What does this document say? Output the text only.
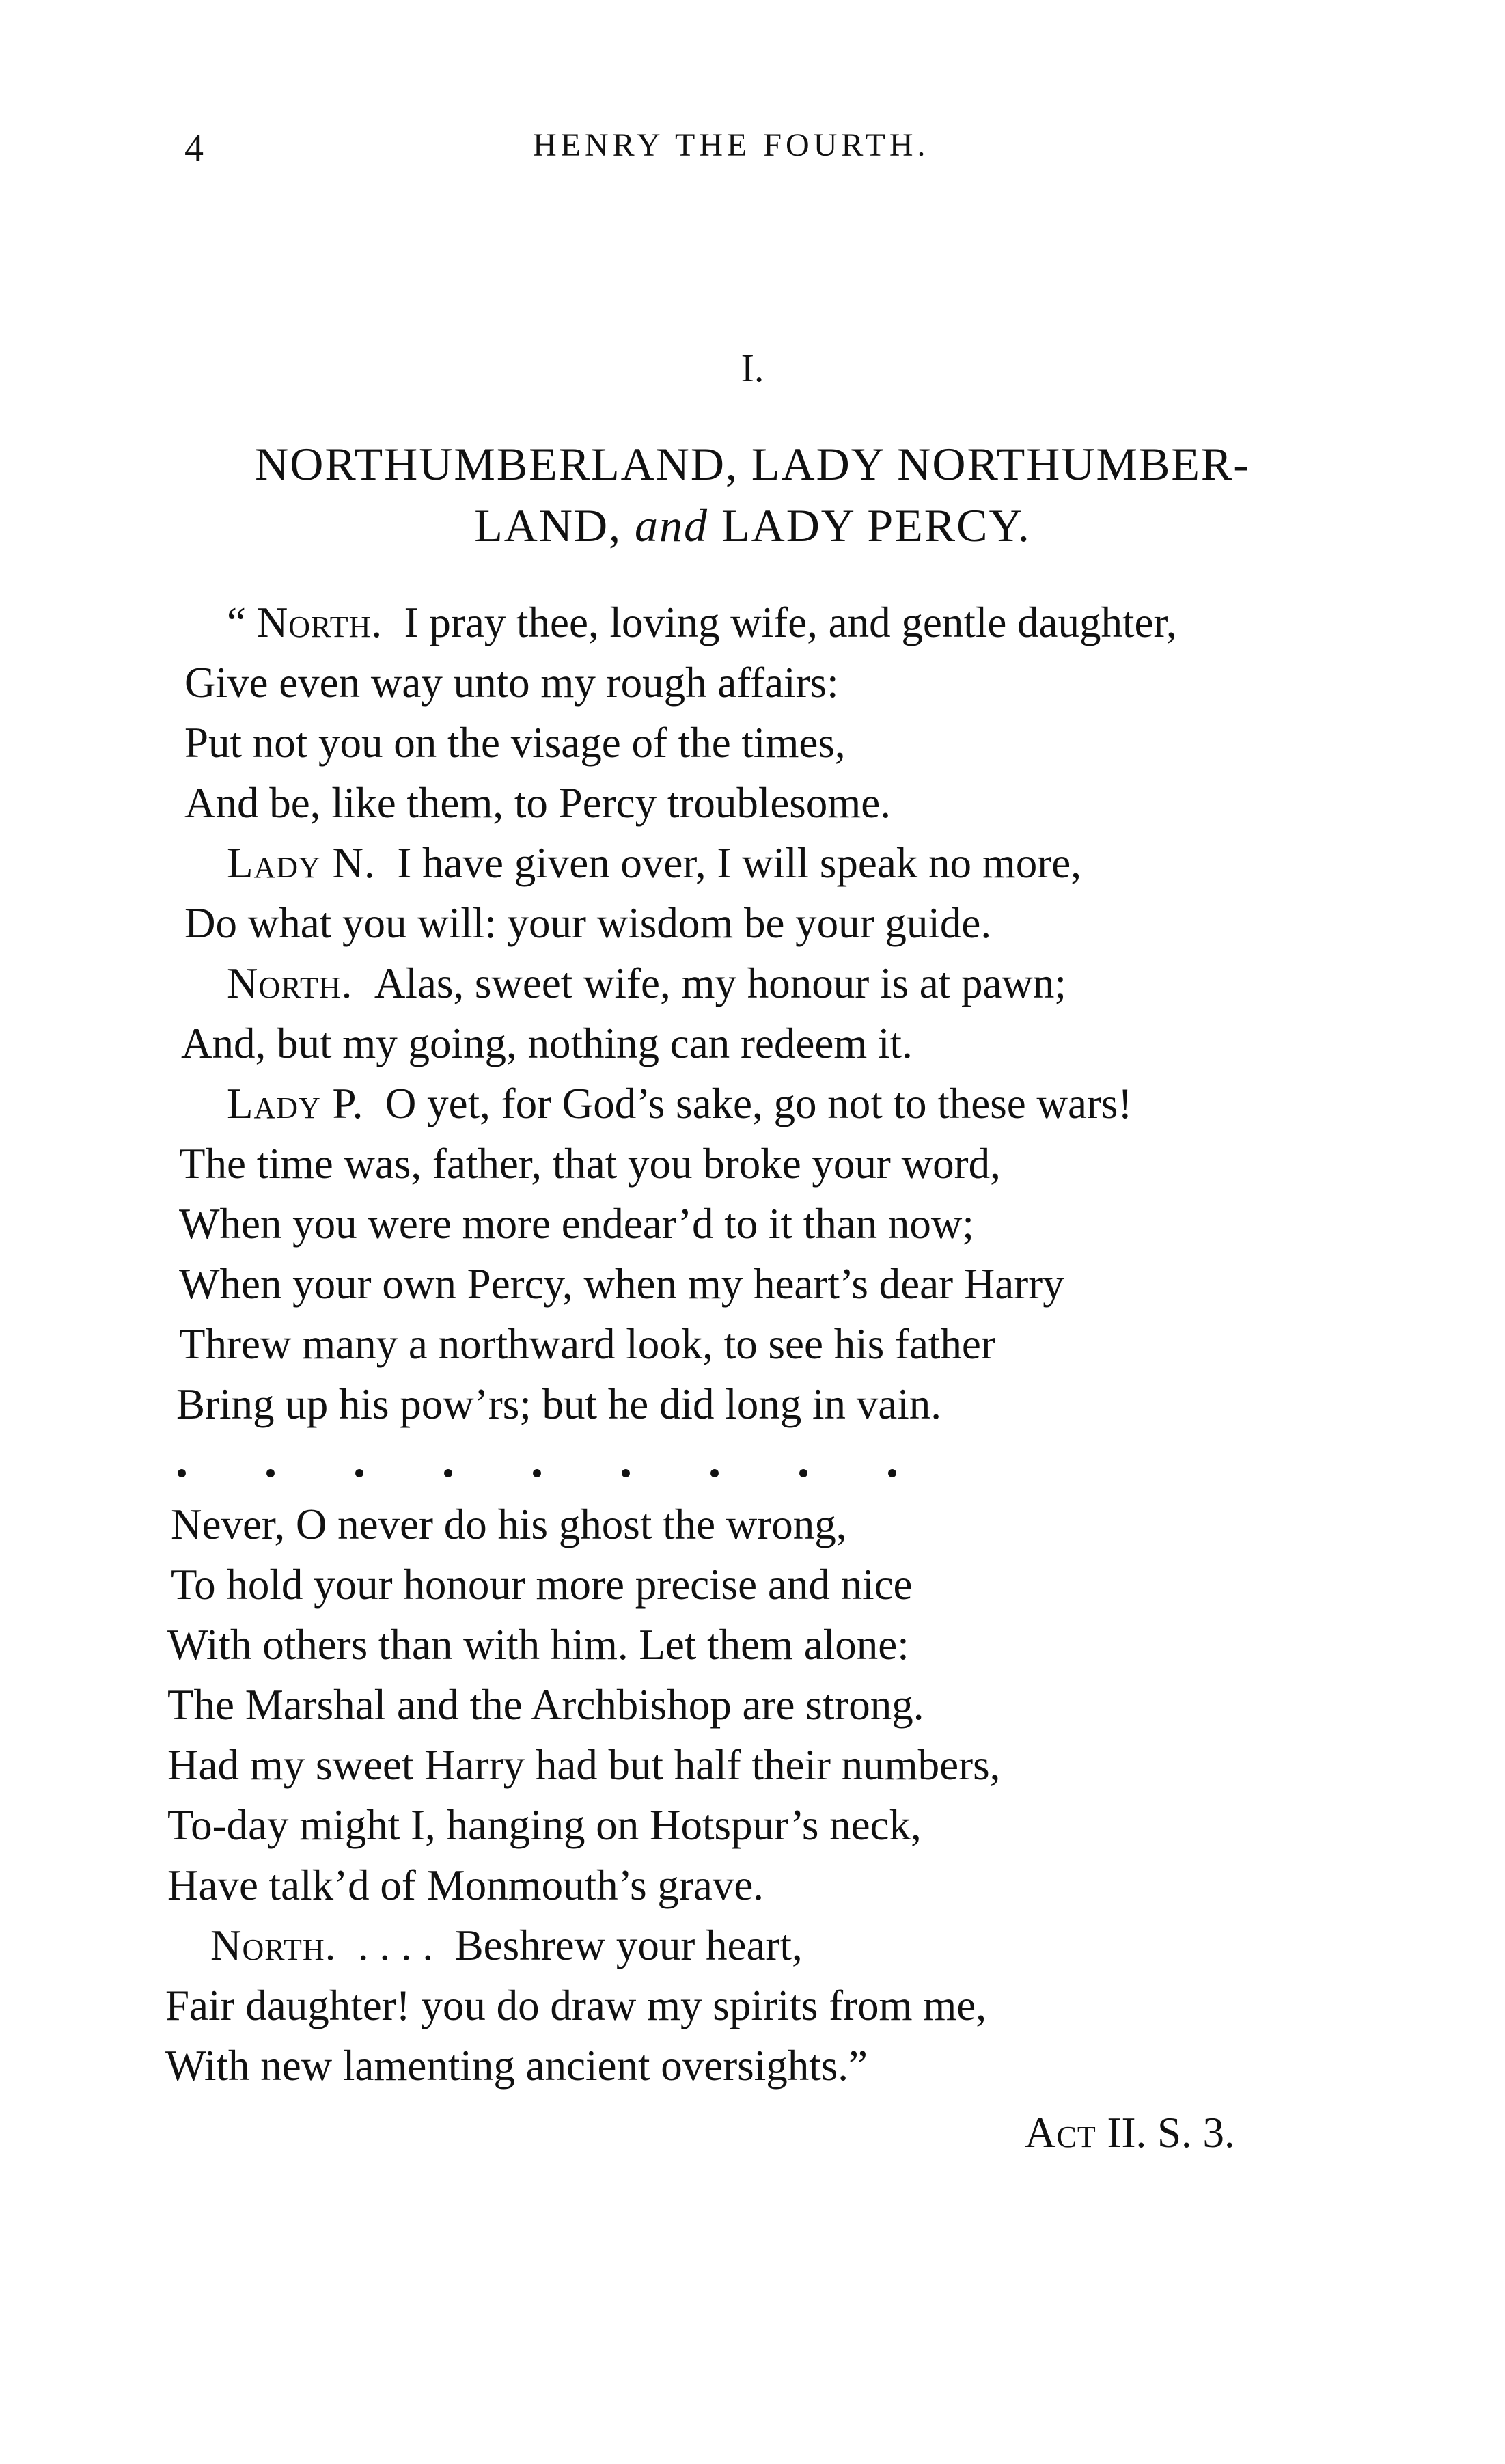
4	HENRY THE FOURTH.
I.
NORTHUMBERLAND, LADY NORTHUMBER-
LAND, and LADY PERCY.
“ North. I pray thee, loving wife, and gentle daughter,
Give even way unto my rough affairs:
Put not you on the visage of the times,
And be, like them, to Percy troublesome.
Lady N. I have given over, I will speak no more,
Do what you will: your wisdom be your guide.
North. Alas, sweet wife, my honour is at pawn;
And, but my going, nothing can redeem it.
Lady P. O yet, for God’s sake, go not to these wars!
The time was, father, that you broke your word,
When you were more endear’d to it than now;
When your own Percy, when my heart’s dear Harry
Threw many a northward look, to see his father
Bring up his pow’rs; but he did long in vain.
Never, O never do his ghost the wrong,
To hold your honour more precise and nice
With others than with him. Let them alone:
The Marshal and the Archbishop are strong.
Had my sweet Harry had but half their numbers,
To-day might I, hanging on Hotspur’s neck,
Have talk’d of Monmouth’s grave.
North. . . . . Beshrew your heart,
Fair daughter! you do draw my spirits from me,
With new lamenting ancient oversights.”
Act II. S. 3.
